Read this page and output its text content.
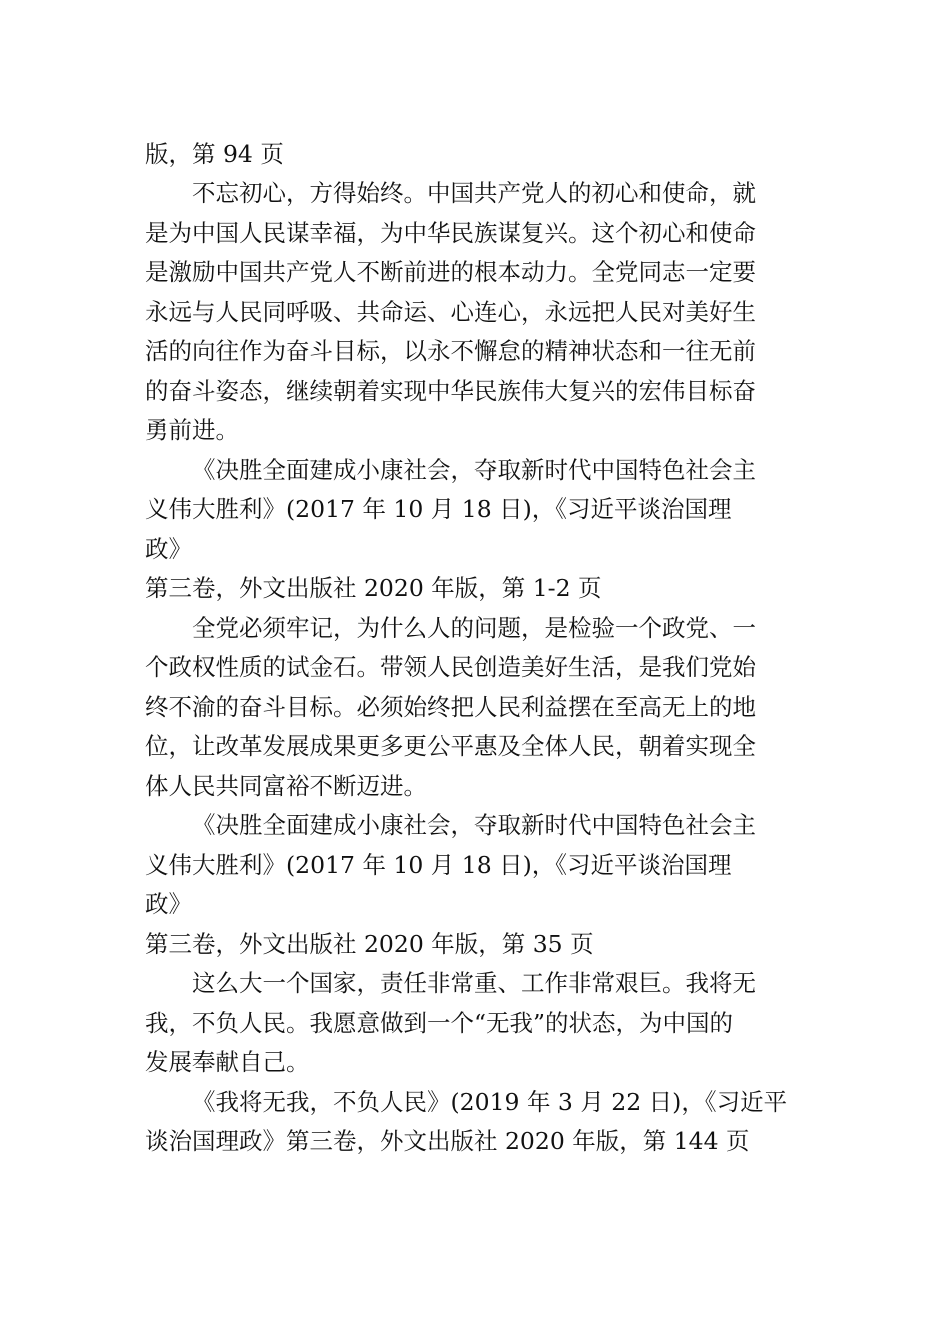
版，第 94 页
不忘初心，方得始终。中国共产党人的初心和使命，就
是为中国人民谋幸福，为中华民族谋复兴。这个初心和使命
是激励中国共产党人不断前进的根本动力。全党同志一定要
永远与人民同呼吸、共命运、心连心，永远把人民对美好生
活的向往作为奋斗目标，以永不懈怠的精神状态和一往无前
的奋斗姿态，继续朝着实现中华民族伟大复兴的宏伟目标奋
勇前进。
《决胜全面建成小康社会，夺取新时代中国特色社会主
义伟大胜利》(2017 年 10 月 18 日)，《习近平谈治国理
政》
第三卷，外文出版社 2020 年版，第 1-2 页
全党必须牢记，为什么人的问题，是检验一个政党、一
个政权性质的试金石。带领人民创造美好生活，是我们党始
终不渝的奋斗目标。必须始终把人民利益摆在至高无上的地
位，让改革发展成果更多更公平惠及全体人民，朝着实现全
体人民共同富裕不断迈进。
《决胜全面建成小康社会，夺取新时代中国特色社会主
义伟大胜利》(2017 年 10 月 18 日)，《习近平谈治国理
政》
第三卷，外文出版社 2020 年版，第 35 页
这么大一个国家，责任非常重、工作非常艰巨。我将无
我，不负人民。我愿意做到一个“无我”的状态，为中国的
发展奉献自己。
《我将无我，不负人民》(2019 年 3 月 22 日)，《习近平
谈治国理政》第三卷，外文出版社 2020 年版，第 144 页
